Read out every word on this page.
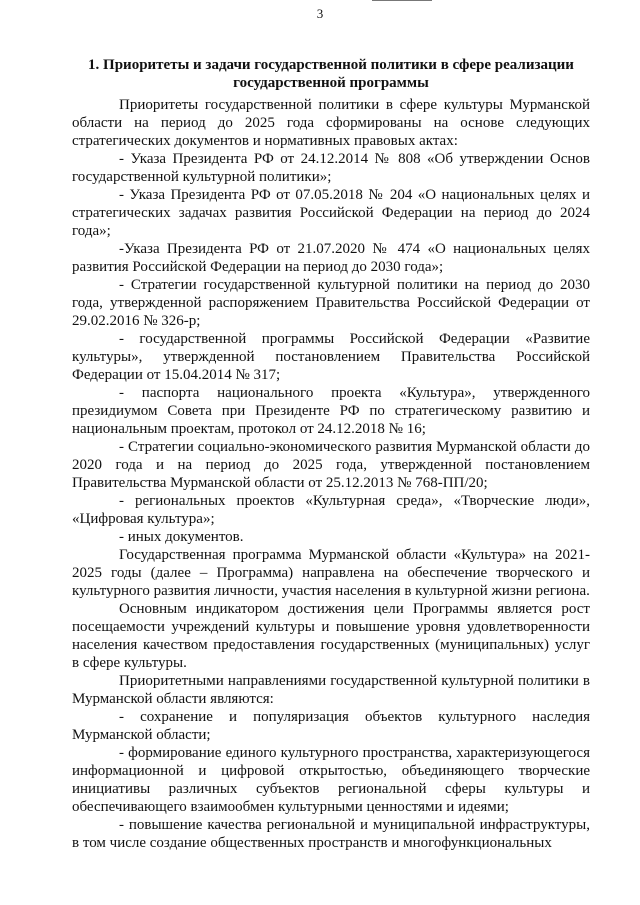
3
1. Приоритеты и задачи государственной политики в сфере реализации государственной программы

Приоритеты государственной политики в сфере культуры Мурманской области на период до 2025 года сформированы на основе следующих стратегических документов и нормативных правовых актах:

- Указа Президента РФ от 24.12.2014 № 808 «Об утверждении Основ государственной культурной политики»;

- Указа Президента РФ от 07.05.2018 № 204 «О национальных целях и стратегических задачах развития Российской Федерации на период до 2024 года»;

-Указа Президента РФ от 21.07.2020 № 474 «О национальных целях развития Российской Федерации на период до 2030 года»;

- Стратегии государственной культурной политики на период до 2030 года, утвержденной распоряжением Правительства Российской Федерации от 29.02.2016 № 326-р;

- государственной программы Российской Федерации «Развитие культуры», утвержденной постановлением Правительства Российской Федерации от 15.04.2014 № 317;

- паспорта национального проекта «Культура», утвержденного президиумом Совета при Президенте РФ по стратегическому развитию и национальным проектам, протокол от 24.12.2018 № 16;

- Стратегии социально-экономического развития Мурманской области до 2020 года и на период до 2025 года, утвержденной постановлением Правительства Мурманской области от 25.12.2013 № 768-ПП/20;

- региональных проектов «Культурная среда», «Творческие люди», «Цифровая культура»;

- иных документов.

Государственная программа Мурманской области «Культура» на 2021-2025 годы (далее – Программа) направлена на обеспечение творческого и культурного развития личности, участия населения в культурной жизни региона.

Основным индикатором достижения цели Программы является рост посещаемости учреждений культуры и повышение уровня удовлетворенности населения качеством предоставления государственных (муниципальных) услуг в сфере культуры.

Приоритетными направлениями государственной культурной политики в Мурманской области являются:

- сохранение и популяризация объектов культурного наследия Мурманской области;

- формирование единого культурного пространства, характеризующегося информационной и цифровой открытостью, объединяющего творческие инициативы различных субъектов региональной сферы культуры и обеспечивающего взаимообмен культурными ценностями и идеями;

- повышение качества региональной и муниципальной инфраструктуры, в том числе создание общественных пространств и многофункциональных
